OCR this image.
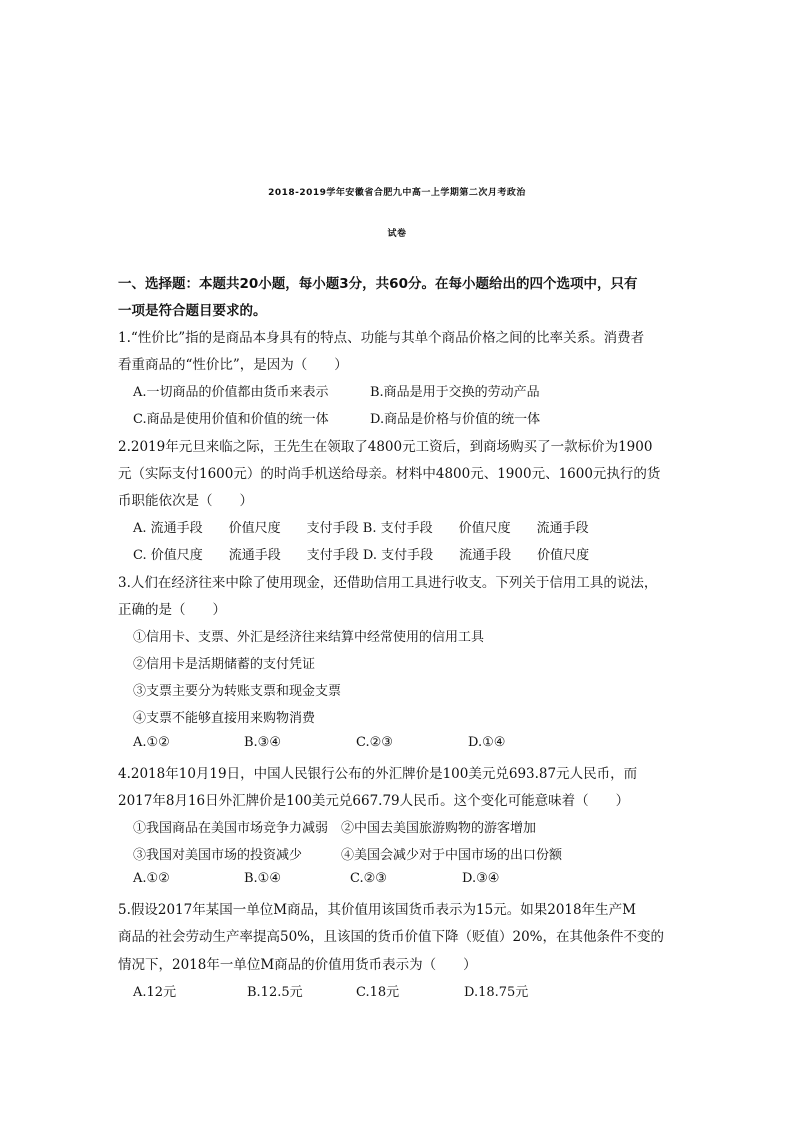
2018-2019学年安徽省合肥九中高一上学期第二次月考政治
试卷
一、选择题：本题共20小题，每小题3分，共60分。在每小题给出的四个选项中，只有
一项是符合题目要求的。
1.“性价比”指的是商品本身具有的特点、功能与其单个商品价格之间的比率关系。消费者
看重商品的“性价比”，是因为（　　）
A.一切商品的价值都由货币来表示	B.商品是用于交换的劳动产品
C.商品是使用价值和价值的统一体	D.商品是价格与价值的统一体
2.2019年元旦来临之际，王先生在领取了4800元工资后，到商场购买了一款标价为1900
元（实际支付1600元）的时尚手机送给母亲。材料中4800元、1900元、1600元执行的货
币职能依次是（　　）
A. 流通手段　　价值尺度　　支付手段 B. 支付手段　　价值尺度　　流通手段
C. 价值尺度　　流通手段　　支付手段 D. 支付手段　　流通手段　　价值尺度
3.人们在经济往来中除了使用现金，还借助信用工具进行收支。下列关于信用工具的说法，
正确的是（　　）
①信用卡、支票、外汇是经济往来结算中经常使用的信用工具
②信用卡是活期储蓄的支付凭证
③支票主要分为转账支票和现金支票
④支票不能够直接用来购物消费
A.①②	B.③④	C.②③	D.①④
4.2018年10月19日，中国人民银行公布的外汇牌价是100美元兑693.87元人民币，而
2017年8月16日外汇牌价是100美元兑667.79人民币。这个变化可能意味着（　　）
①我国商品在美国市场竞争力减弱　②中国去美国旅游购物的游客增加
③我国对美国市场的投资减少　　　④美国会减少对于中国市场的出口份额
A.①②	B.①④	C.②③	D.③④
5.假设2017年某国一单位M商品，其价值用该国货币表示为15元。如果2018年生产M
商品的社会劳动生产率提高50%，且该国的货币价值下降（贬值）20%，在其他条件不变的
情况下，2018年一单位M商品的价值用货币表示为（　　）
A.12元	B.12.5元	C.18元	D.18.75元
